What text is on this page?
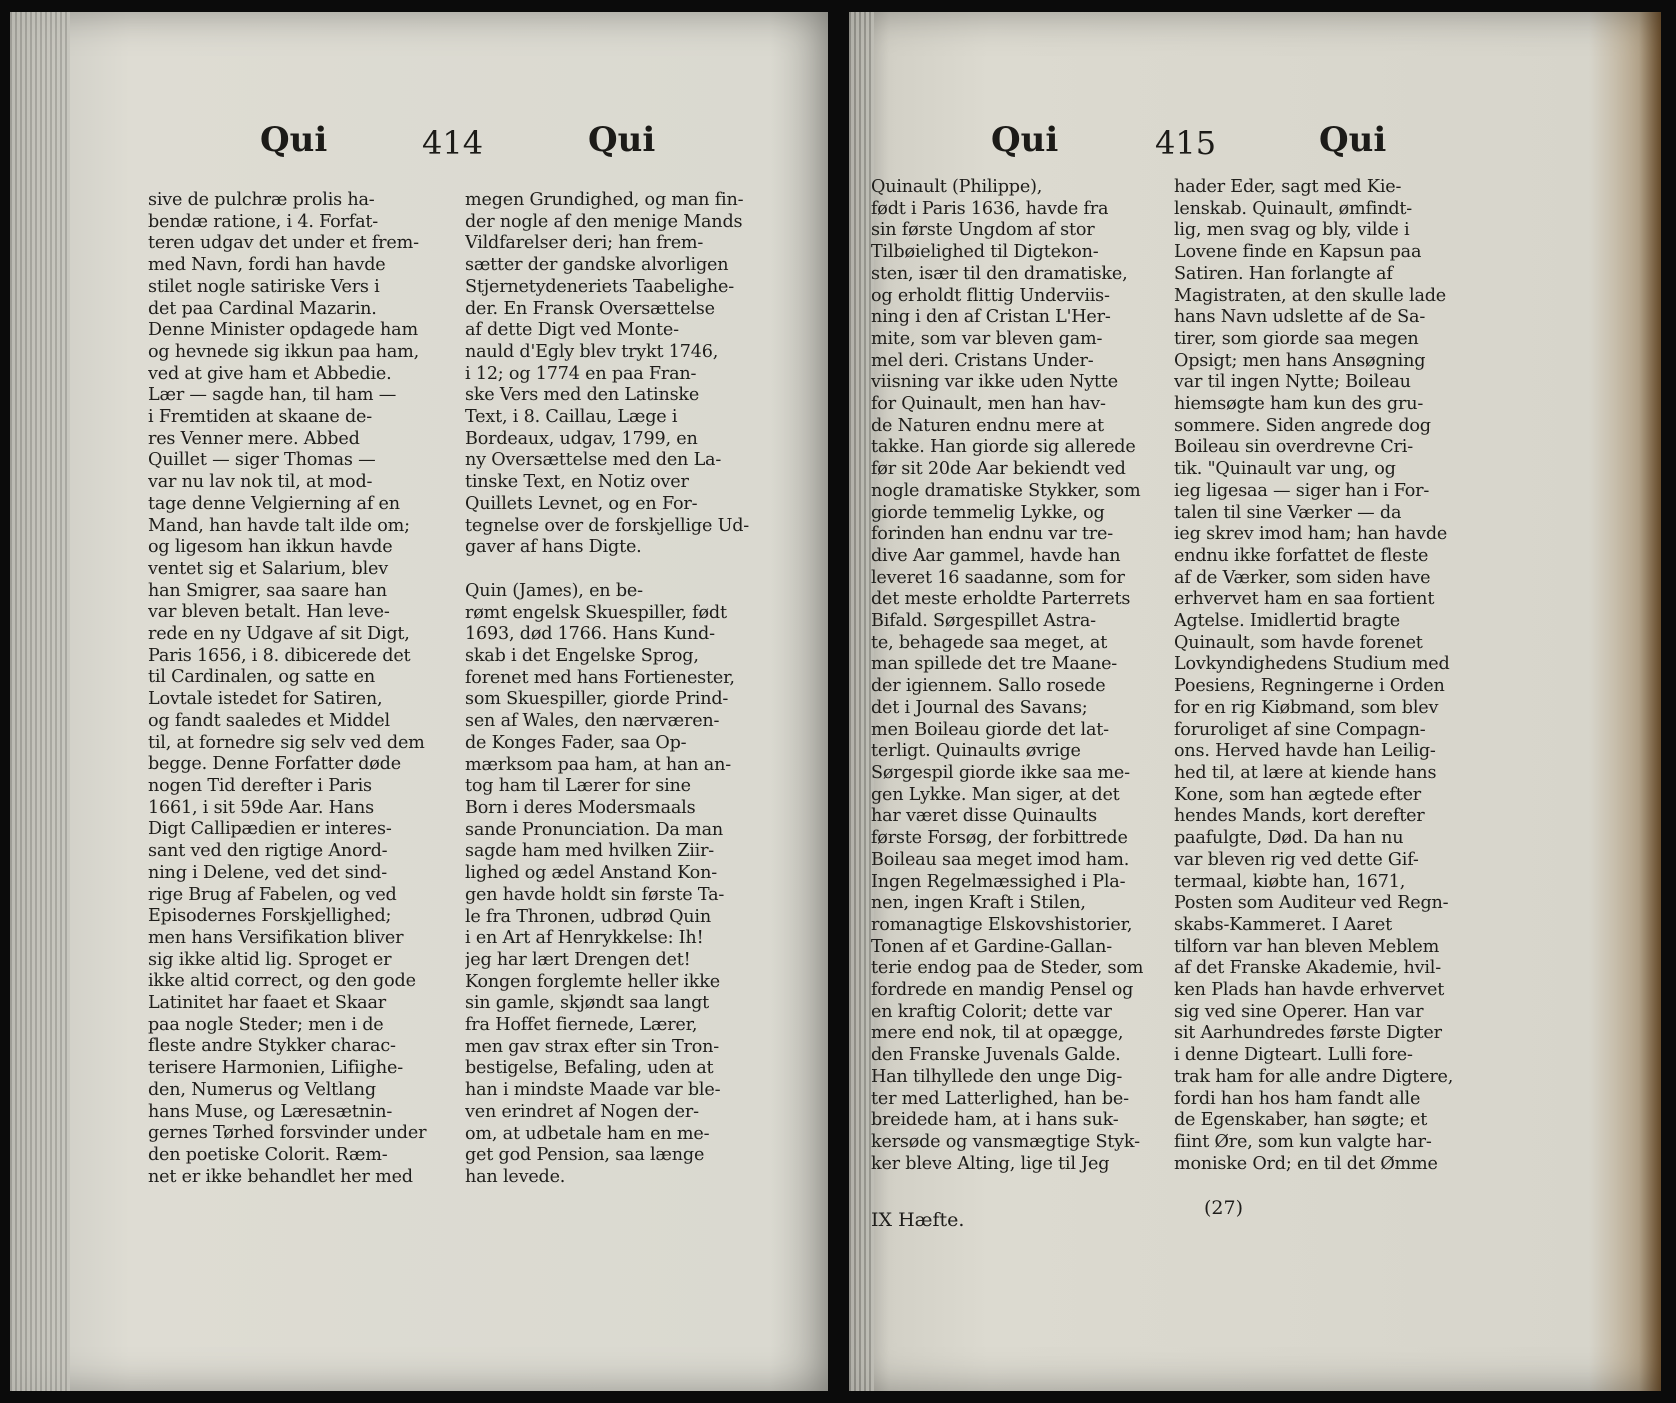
Qui	414	Qui
sive de pulchræ prolis ha-
bendæ ratione, i 4. Forfat-
teren udgav det under et frem-
med Navn, fordi han havde
stilet nogle satiriske Vers i
det paa Cardinal Mazarin.
Denne Minister opdagede ham
og hevnede sig ikkun paa ham,
ved at give ham et Abbedie.
Lær — sagde han, til ham —
i Fremtiden at skaane de-
res Venner mere. Abbed
Quillet — siger Thomas —
var nu lav nok til, at mod-
tage denne Velgierning af en
Mand, han havde talt ilde om;
og ligesom han ikkun havde
ventet sig et Salarium, blev
han Smigrer, saa saare han
var bleven betalt. Han leve-
rede en ny Udgave af sit Digt,
Paris 1656, i 8. dibicerede det
til Cardinalen, og satte en
Lovtale istedet for Satiren,
og fandt saaledes et Middel
til, at fornedre sig selv ved dem
begge. Denne Forfatter døde
nogen Tid derefter i Paris
1661, i sit 59de Aar. Hans
Digt Callipædien er interes-
sant ved den rigtige Anord-
ning i Delene, ved det sind-
rige Brug af Fabelen, og ved
Episodernes Forskjellighed;
men hans Versifikation bliver
sig ikke altid lig. Sproget er
ikke altid correct, og den gode
Latinitet har faaet et Skaar
paa nogle Steder; men i de
fleste andre Stykker charac-
terisere Harmonien, Lifiighe-
den, Numerus og Veltlang
hans Muse, og Læresætnin-
gernes Tørhed forsvinder under
den poetiske Colorit. Ræm-
net er ikke behandlet her med
megen Grundighed, og man fin-
der nogle af den menige Mands
Vildfarelser deri; han frem-
sætter der gandske alvorligen
Stjernetydeneriets Taabelighe-
der. En Fransk Oversættelse
af dette Digt ved Monte-
nauld d'Egly blev trykt 1746,
i 12; og 1774 en paa Fran-
ske Vers med den Latinske
Text, i 8. Caillau, Læge i
Bordeaux, udgav, 1799, en
ny Oversættelse med den La-
tinske Text, en Notiz over
Quillets Levnet, og en For-
tegnelse over de forskjellige Ud-
gaver af hans Digte.
Quin (James), en be-
rømt engelsk Skuespiller, født
1693, død 1766. Hans Kund-
skab i det Engelske Sprog,
forenet med hans Fortienester,
som Skuespiller, giorde Prind-
sen af Wales, den nærværen-
de Konges Fader, saa Op-
mærksom paa ham, at han an-
tog ham til Lærer for sine
Born i deres Modersmaals
sande Pronunciation. Da man
sagde ham med hvilken Ziir-
lighed og ædel Anstand Kon-
gen havde holdt sin første Ta-
le fra Thronen, udbrød Quin
i en Art af Henrykkelse: Ih!
jeg har lært Drengen det!
Kongen forglemte heller ikke
sin gamle, skjøndt saa langt
fra Hoffet fiernede, Lærer,
men gav strax efter sin Tron-
bestigelse, Befaling, uden at
han i mindste Maade var ble-
ven erindret af Nogen der-
om, at udbetale ham en me-
get god Pension, saa længe
han levede.
Qui	415	Qui
Quinault (Philippe),
født i Paris 1636, havde fra
sin første Ungdom af stor
Tilbøielighed til Digtekon-
sten, især til den dramatiske,
og erholdt flittig Underviis-
ning i den af Cristan L'Her-
mite, som var bleven gam-
mel deri. Cristans Under-
viisning var ikke uden Nytte
for Quinault, men han hav-
de Naturen endnu mere at
takke. Han giorde sig allerede
før sit 20de Aar bekiendt ved
nogle dramatiske Stykker, som
giorde temmelig Lykke, og
forinden han endnu var tre-
dive Aar gammel, havde han
leveret 16 saadanne, som for
det meste erholdte Parterrets
Bifald. Sørgespillet Astra-
te, behagede saa meget, at
man spillede det tre Maane-
der igiennem. Sallo rosede
det i Journal des Savans;
men Boileau giorde det lat-
terligt. Quinaults øvrige
Sørgespil giorde ikke saa me-
gen Lykke. Man siger, at det
har været disse Quinaults
første Forsøg, der forbittrede
Boileau saa meget imod ham.
Ingen Regelmæssighed i Pla-
nen, ingen Kraft i Stilen,
romanagtige Elskovshistorier,
Tonen af et Gardine-Gallan-
terie endog paa de Steder, som
fordrede en mandig Pensel og
en kraftig Colorit; dette var
mere end nok, til at opægge,
den Franske Juvenals Galde.
Han tilhyllede den unge Dig-
ter med Latterlighed, han be-
breidede ham, at i hans suk-
kersøde og vansmægtige Styk-
ker bleve Alting, lige til Jeg
hader Eder, sagt med Kie-
lenskab. Quinault, ømfindt-
lig, men svag og bly, vilde i
Lovene finde en Kapsun paa
Satiren. Han forlangte af
Magistraten, at den skulle lade
hans Navn udslette af de Sa-
tirer, som giorde saa megen
Opsigt; men hans Ansøgning
var til ingen Nytte; Boileau
hiemsøgte ham kun des gru-
sommere. Siden angrede dog
Boileau sin overdrevne Cri-
tik. "Quinault var ung, og
ieg ligesaa — siger han i For-
talen til sine Værker — da
ieg skrev imod ham; han havde
endnu ikke forfattet de fleste
af de Værker, som siden have
erhvervet ham en saa fortient
Agtelse. Imidlertid bragte
Quinault, som havde forenet
Lovkyndighedens Studium med
Poesiens, Regningerne i Orden
for en rig Kiøbmand, som blev
foruroliget af sine Compagn-
ons. Herved havde han Leilig-
hed til, at lære at kiende hans
Kone, som han ægtede efter
hendes Mands, kort derefter
paafulgte, Død. Da han nu
var bleven rig ved dette Gif-
termaal, kiøbte han, 1671,
Posten som Auditeur ved Regn-
skabs-Kammeret. I Aaret
tilforn var han bleven Meblem
af det Franske Akademie, hvil-
ken Plads han havde erhvervet
sig ved sine Operer. Han var
sit Aarhundredes første Digter
i denne Digteart. Lulli fore-
trak ham for alle andre Digtere,
fordi han hos ham fandt alle
de Egenskaber, han søgte; et
fiint Øre, som kun valgte har-
moniske Ord; en til det Ømme
IX Hæfte.
(27)
